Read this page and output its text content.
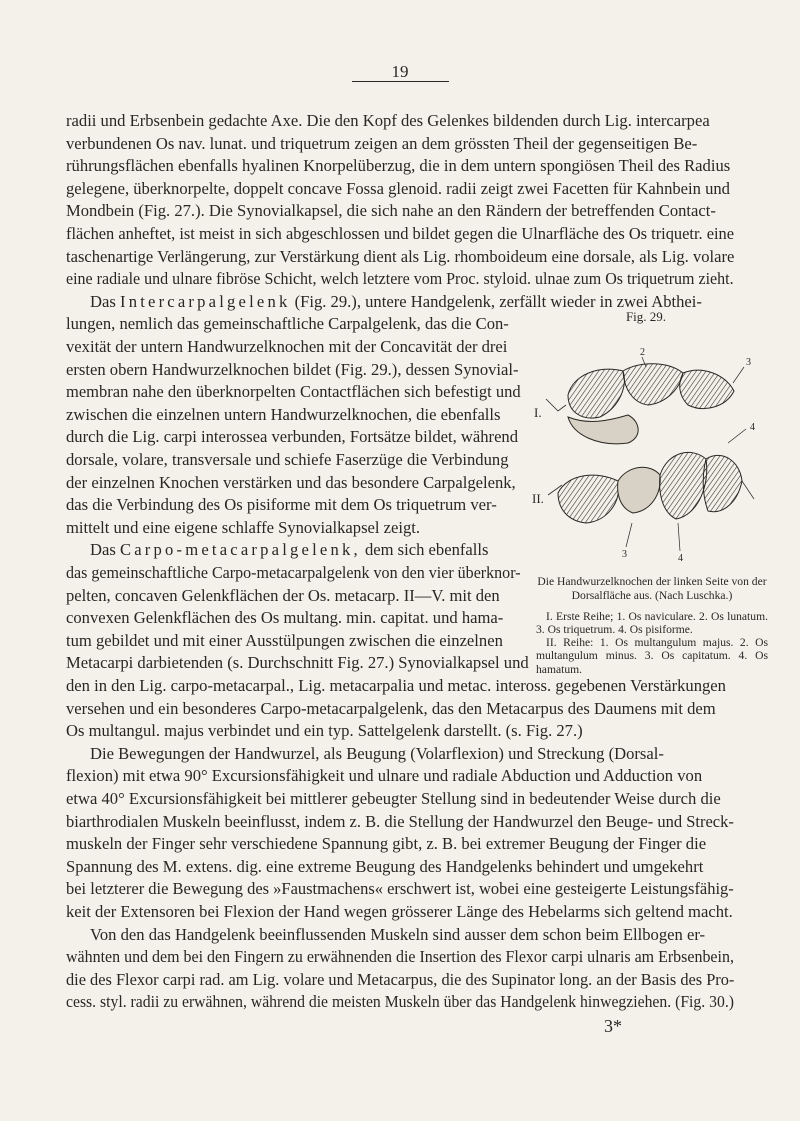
19
radii und Erbsenbein gedachte Axe. Die den Kopf des Gelenkes bildenden durch Lig. intercarpea
verbundenen Os nav. lunat. und triquetrum zeigen an dem grössten Theil der gegenseitigen Be-
rührungsflächen ebenfalls hyalinen Knorpelüberzug, die in dem untern spongiösen Theil des Radius
gelegene, überknorpelte, doppelt concave Fossa glenoid. radii zeigt zwei Facetten für Kahnbein und
Mondbein (Fig. 27.). Die Synovialkapsel, die sich nahe an den Rändern der betreffenden Contact-
flächen anheftet, ist meist in sich abgeschlossen und bildet gegen die Ulnarfläche des Os triquetr. eine
taschenartige Verlängerung, zur Verstärkung dient als Lig. rhomboideum eine dorsale, als Lig. volare
eine radiale und ulnare fibröse Schicht, welch letztere vom Proc. styloid. ulnae zum Os triquetrum zieht.
Das Intercarpalgelenk (Fig. 29.), untere Handgelenk, zerfällt wieder in zwei Abthei-
lungen, nemlich das gemeinschaftliche Carpalgelenk, das die Con-
vexität der untern Handwurzelknochen mit der Concavität der drei
ersten obern Handwurzelknochen bildet (Fig. 29.), dessen Synovial-
membran nahe den überknorpelten Contactflächen sich befestigt und
zwischen die einzelnen untern Handwurzelknochen, die ebenfalls
durch die Lig. carpi interossea verbunden, Fortsätze bildet, während
dorsale, volare, transversale und schiefe Faserzüge die Verbindung
der einzelnen Knochen verstärken und das besondere Carpalgelenk,
das die Verbindung des Os pisiforme mit dem Os triquetrum ver-
mittelt und eine eigene schlaffe Synovialkapsel zeigt.
Das Carpo-metacarpalgelenk, dem sich ebenfalls
das gemeinschaftliche Carpo-metacarpalgelenk von den vier überknor-
pelten, concaven Gelenkflächen der Os. metacarp. II—V. mit den
convexen Gelenkflächen des Os multang. min. capitat. und hama-
tum gebildet und mit einer Ausstülpungen zwischen die einzelnen
Metacarpi darbietenden (s. Durchschnitt Fig. 27.) Synovialkapsel und
den in den Lig. carpo-metacarpal., Lig. metacarpalia und metac. inteross. gegebenen Verstärkungen
versehen und ein besonderes Carpo-metacarpalgelenk, das den Metacarpus des Daumens mit dem
Os multangul. majus verbindet und ein typ. Sattelgelenk darstellt. (s. Fig. 27.)
Die Bewegungen der Handwurzel, als Beugung (Volarflexion) und Streckung (Dorsal-
flexion) mit etwa 90° Excursionsfähigkeit und ulnare und radiale Abduction und Adduction von
etwa 40° Excursionsfähigkeit bei mittlerer gebeugter Stellung sind in bedeutender Weise durch die
biarthrodialen Muskeln beeinflusst, indem z. B. die Stellung der Handwurzel den Beuge- und Streck-
muskeln der Finger sehr verschiedene Spannung gibt, z. B. bei extremer Beugung der Finger die
Spannung des M. extens. dig. eine extreme Beugung des Handgelenks behindert und umgekehrt
bei letzterer die Bewegung des »Faustmachens« erschwert ist, wobei eine gesteigerte Leistungsfähig-
keit der Extensoren bei Flexion der Hand wegen grösserer Länge des Hebelarms sich geltend macht.
Von den das Handgelenk beeinflussenden Muskeln sind ausser dem schon beim Ellbogen er-
wähnten und dem bei den Fingern zu erwähnenden die Insertion des Flexor carpi ulnaris am Erbsenbein,
die des Flexor carpi rad. am Lig. volare und Metacarpus, die des Supinator long. an der Basis des Pro-
cess. styl. radii zu erwähnen, während die meisten Muskeln über das Handgelenk hinwegziehen. (Fig. 30.)
Fig. 29.
I.
2
3
4
II.
3	4

Die Handwurzelknochen der linken Seite von der Dorsalfläche aus. (Nach Luschka.)

I. Erste Reihe; 1. Os naviculare. 2. Os lunatum. 3. Os triquetrum. 4. Os pisiforme.

II. Reihe: 1. Os multangulum majus. 2. Os multangulum minus. 3. Os capitatum. 4. Os hamatum.

3*
